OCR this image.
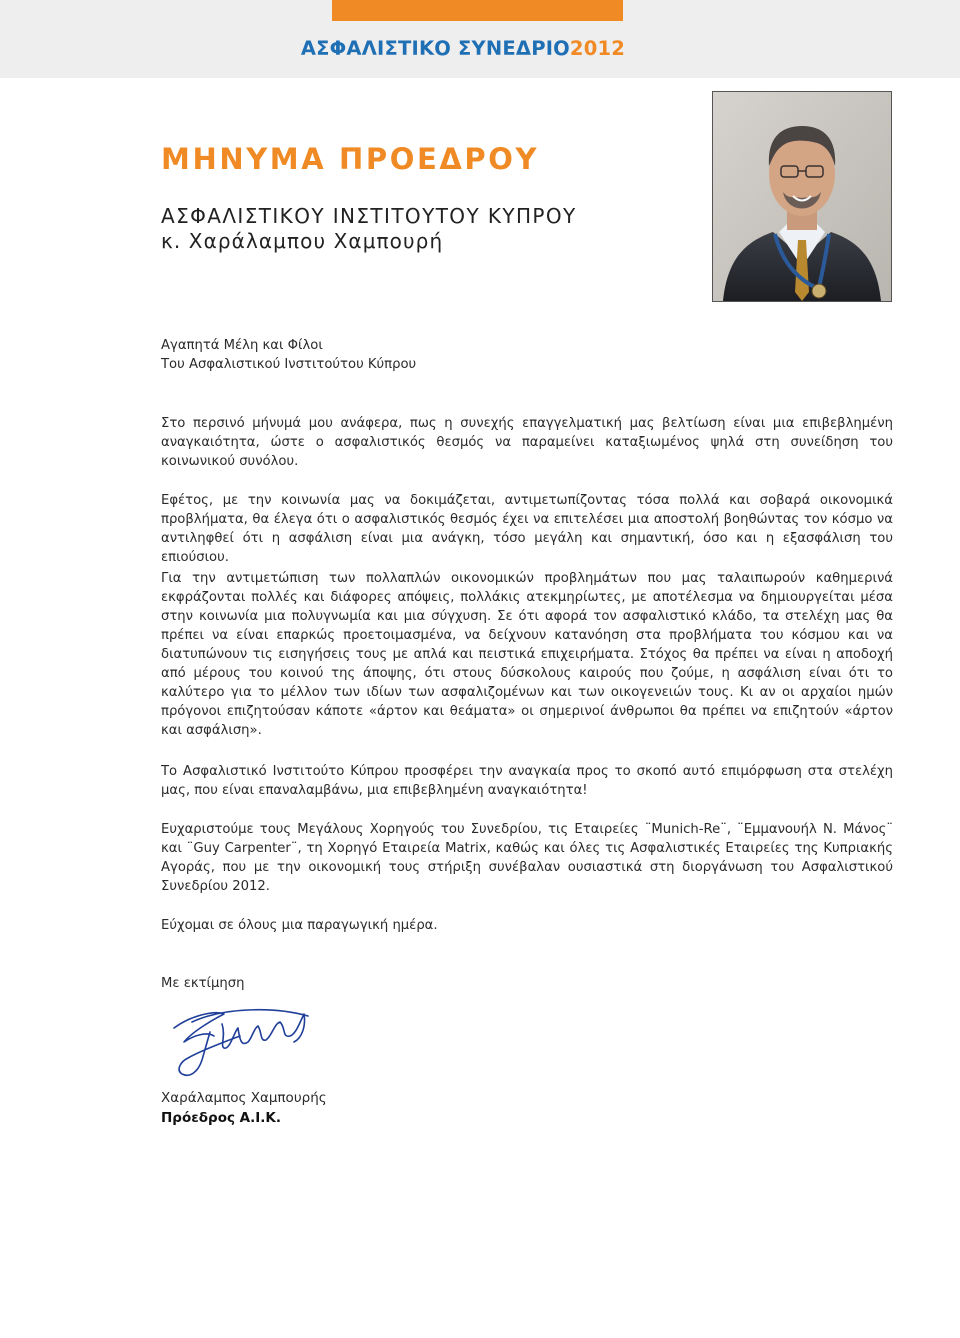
ΑΣΦΑΛΙΣΤΙΚΟ ΣΥΝΕΔΡΙΟ2012
ΜΗΝΥΜΑ ΠΡΟΕΔΡΟΥ
ΑΣΦΑΛΙΣΤΙΚΟΥ ΙΝΣΤΙΤΟΥΤΟΥ ΚΥΠΡΟΥ
κ. Χαράλαμπου Χαμπουρή

Αγαπητά Μέλη και Φίλοι

Του Ασφαλιστικού Ινστιτούτου Κύπρου

Στο περσινό μήνυμά μου ανάφερα, πως η συνεχής επαγγελματική μας βελτίωση είναι μια επιβεβλημένη αναγκαιότητα, ώστε ο ασφαλιστικός θεσμός να παραμείνει καταξιωμένος ψηλά στη συνείδηση του κοινωνικού συνόλου.

Εφέτος, με την κοινωνία μας να δοκιμάζεται, αντιμετωπίζοντας τόσα πολλά και σοβαρά οικονομικά προβλήματα, θα έλεγα ότι ο ασφαλιστικός θεσμός έχει να επιτελέσει μια αποστολή βοηθώντας τον κόσμο να αντιληφθεί ότι η ασφάλιση είναι μια ανάγκη, τόσο μεγάλη και σημαντική, όσο και η εξασφάλιση του επιούσιου.

Για την αντιμετώπιση των πολλαπλών οικονομικών προβλημάτων που μας ταλαιπωρούν καθημερινά εκφράζονται πολλές και διάφορες απόψεις, πολλάκις ατεκμηρίωτες, με αποτέλεσμα να δημιουργείται μέσα στην κοινωνία μια πολυγνωμία και μια σύγχυση. Σε ότι αφορά τον ασφαλιστικό κλάδο, τα στελέχη μας θα πρέπει να είναι επαρκώς προετοιμασμένα, να δείχνουν κατανόηση στα προβλήματα του κόσμου και να διατυπώνουν τις εισηγήσεις τους με απλά και πειστικά επιχειρήματα. Στόχος θα πρέπει να είναι η αποδοχή από μέρους του κοινού της άποψης, ότι στους δύσκολους καιρούς που ζούμε, η ασφάλιση είναι ότι το καλύτερο για το μέλλον των ιδίων των ασφαλιζομένων και των οικογενειών τους. Κι αν οι αρχαίοι ημών πρόγονοι επιζητούσαν κάποτε «άρτον και θεάματα» οι σημερινοί άνθρωποι θα πρέπει να επιζητούν «άρτον και ασφάλιση».

Το Ασφαλιστικό Ινστιτούτο Κύπρου προσφέρει την αναγκαία προς το σκοπό αυτό επιμόρφωση στα στελέχη μας, που είναι επαναλαμβάνω, μια επιβεβλημένη αναγκαιότητα!

Ευχαριστούμε τους Μεγάλους Χορηγούς του Συνεδρίου, τις Εταιρείες ¨Munich-Re¨, ¨Εμμανουήλ Ν. Μάνος¨ και ¨Guy Carpenter¨, τη Χορηγό Εταιρεία Matrix, καθώς και όλες τις Ασφαλιστικές Εταιρείες της Κυπριακής Αγοράς, που με την οικονομική τους στήριξη συνέβαλαν ουσιαστικά στη διοργάνωση του Ασφαλιστικού Συνεδρίου 2012.

Εύχομαι σε όλους μια παραγωγική ημέρα.

Με εκτίμηση

Χαράλαμπος Χαμπουρής
Πρόεδρος Α.Ι.Κ.
